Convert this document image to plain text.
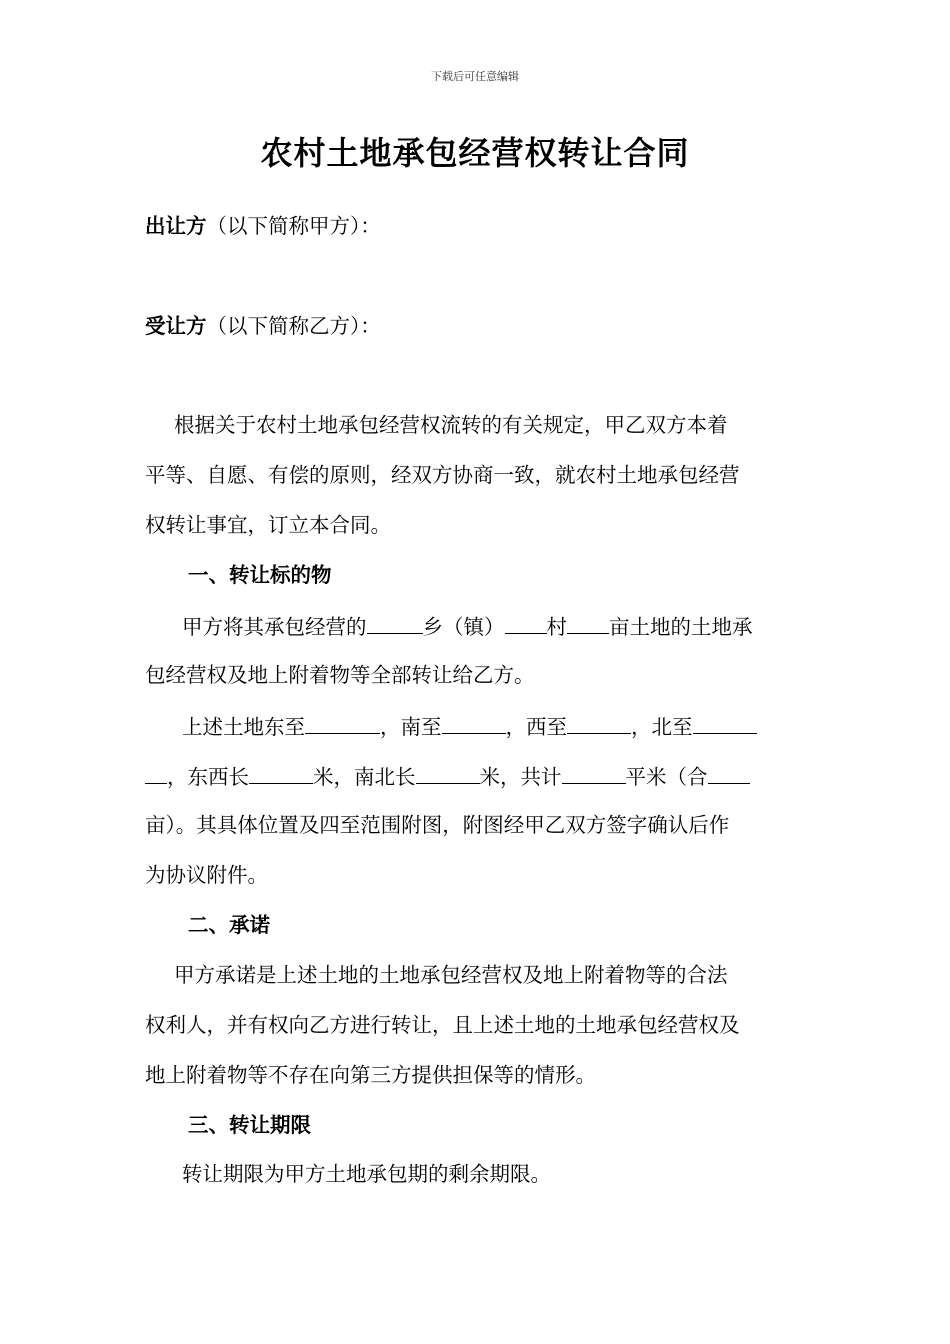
下载后可任意编辑
农村土地承包经营权转让合同
出让方（以下简称甲方）：
受让方（以下简称乙方）：
根据关于农村土地承包经营权流转的有关规定，甲乙双方本着
平等、自愿、有偿的原则，经双方协商一致，就农村土地承包经营
权转让事宜，订立本合同。
一、转让标的物
甲方将其承包经营的	乡（镇） 村 亩土地的土地承
包经营权及地上附着物等全部转让给乙方。
上述土地东至	，南至	，西至	，北至
，东西长	米，南北长	米，共计	平米（合
亩）。其具体位置及四至范围附图，附图经甲乙双方签字确认后作
为协议附件。
二、承诺
甲方承诺是上述土地的土地承包经营权及地上附着物等的合法
权利人，并有权向乙方进行转让，且上述土地的土地承包经营权及
地上附着物等不存在向第三方提供担保等的情形。
三、转让期限
转让期限为甲方土地承包期的剩余期限。
